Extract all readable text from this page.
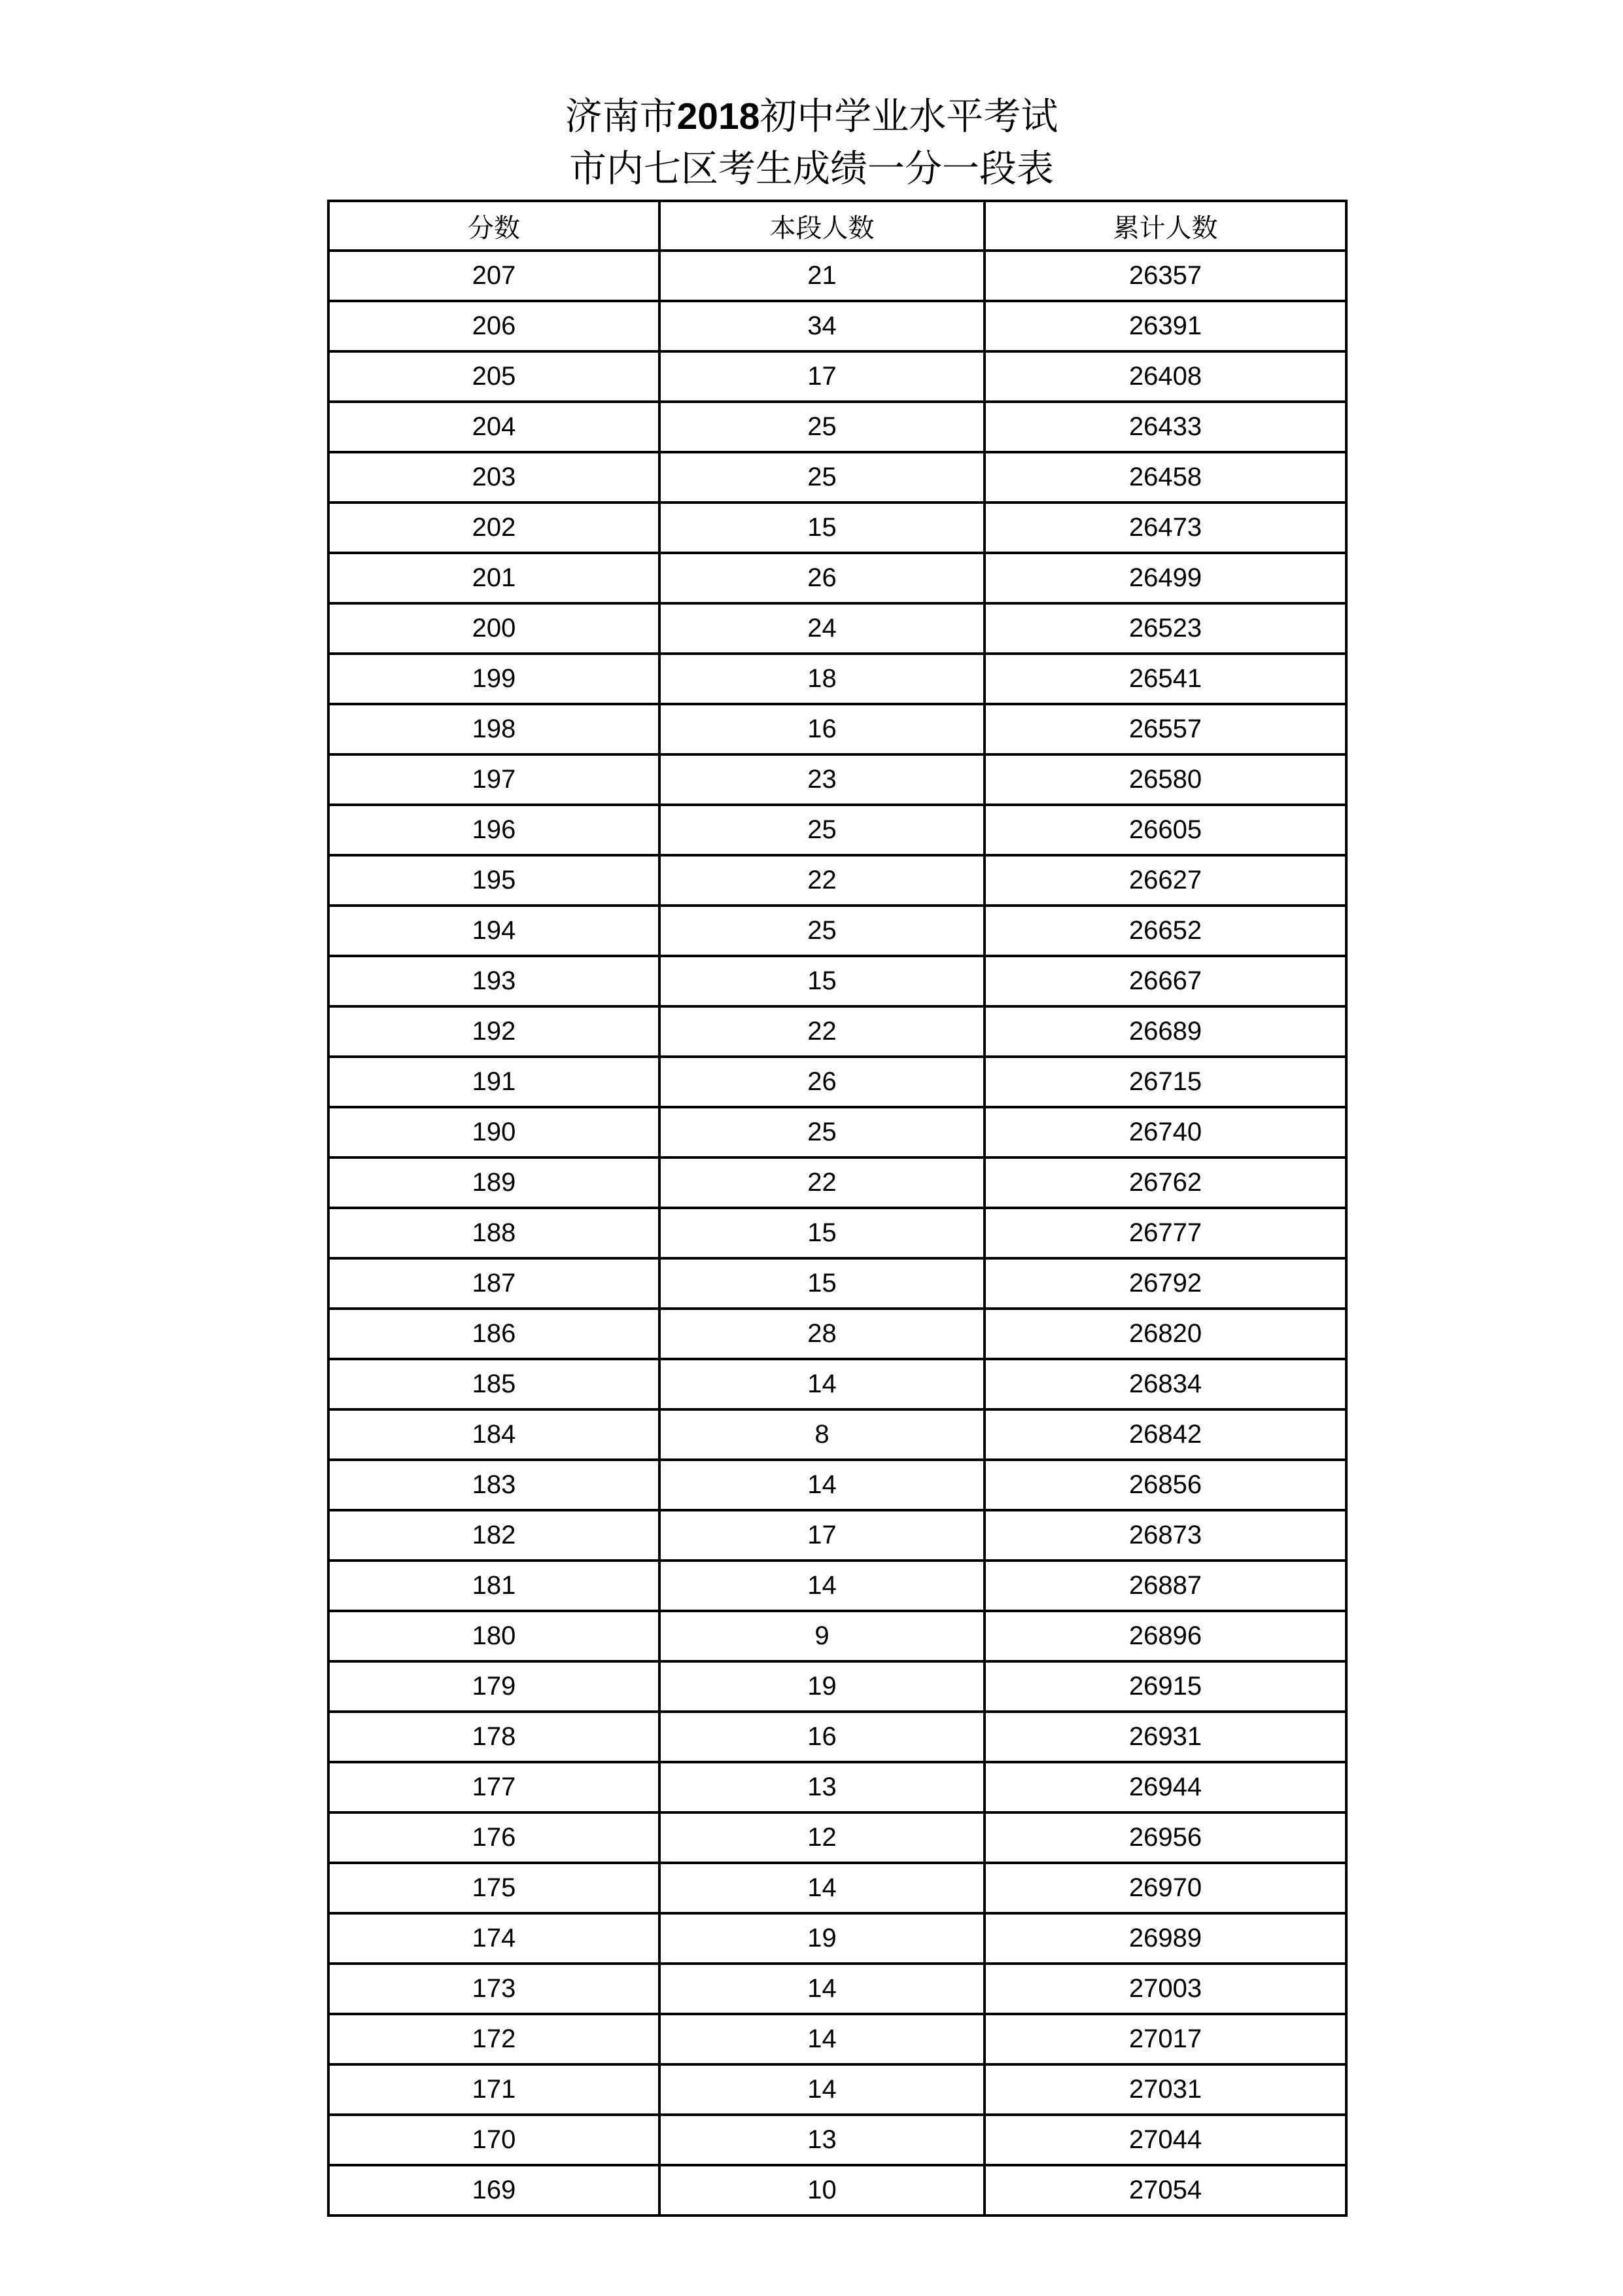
济南市2018初中学业水平考试
市内七区考生成绩一分一段表
分数	本段人数	累计人数
207	21	26357
206	34	26391
205	17	26408
204	25	26433
203	25	26458
202	15	26473
201	26	26499
200	24	26523
199	18	26541
198	16	26557
197	23	26580
196	25	26605
195	22	26627
194	25	26652
193	15	26667
192	22	26689
191	26	26715
190	25	26740
189	22	26762
188	15	26777
187	15	26792
186	28	26820
185	14	26834
184	8	26842
183	14	26856
182	17	26873
181	14	26887
180	9	26896
179	19	26915
178	16	26931
177	13	26944
176	12	26956
175	14	26970
174	19	26989
173	14	27003
172	14	27017
171	14	27031
170	13	27044
169	10	27054
